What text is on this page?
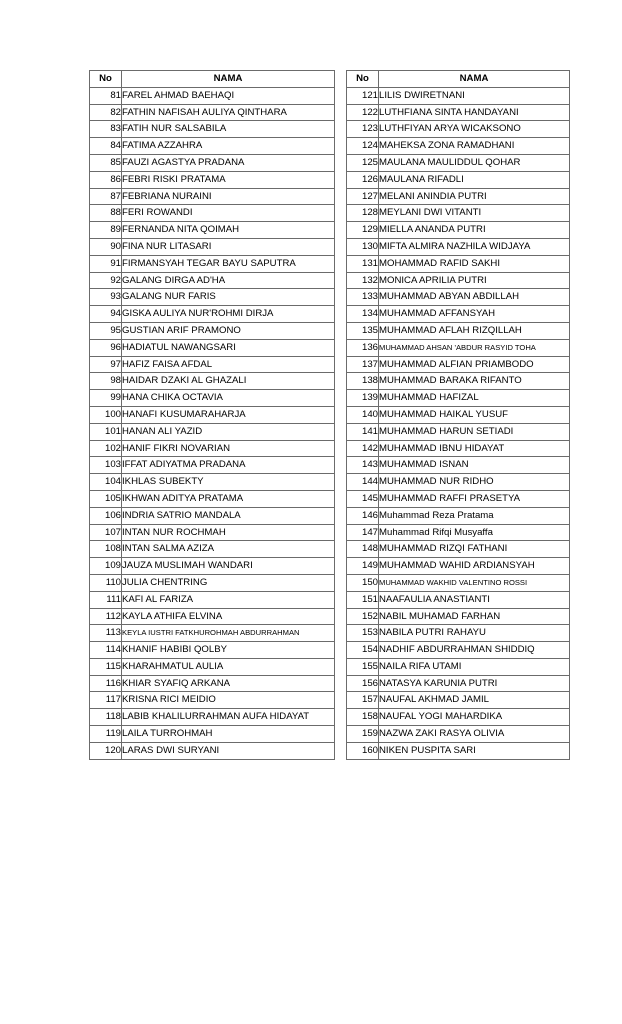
No	NAMA
81	FAREL AHMAD BAEHAQI
82	FATHIN NAFISAH AULIYA QINTHARA
83	FATIH NUR SALSABILA
84	FATIMA AZZAHRA
85	FAUZI AGASTYA PRADANA
86	FEBRI RISKI PRATAMA
87	FEBRIANA NURAINI
88	FERI ROWANDI
89	FERNANDA NITA QOIMAH
90	FINA NUR LITASARI
91	FIRMANSYAH TEGAR BAYU SAPUTRA
92	GALANG DIRGA AD'HA
93	GALANG NUR FARIS
94	GISKA AULIYA NUR'ROHMI DIRJA
95	GUSTIAN ARIF PRAMONO
96	HADIATUL NAWANGSARI
97	HAFIZ FAISA AFDAL
98	HAIDAR DZAKI AL GHAZALI
99	HANA CHIKA OCTAVIA
100	HANAFI KUSUMARAHARJA
101	HANAN ALI YAZID
102	HANIF FIKRI NOVARIAN
103	IFFAT ADIYATMA PRADANA
104	IKHLAS SUBEKTY
105	IKHWAN ADITYA PRATAMA
106	INDRIA SATRIO MANDALA
107	INTAN NUR ROCHMAH
108	INTAN SALMA AZIZA
109	JAUZA MUSLIMAH WANDARI
110	JULIA CHENTRING
111	KAFI AL FARIZA
112	KAYLA ATHIFA ELVINA
113	KEYLA IUSTRI FATKHUROHMAH ABDURRAHMAN
114	KHANIF HABIBI QOLBY
115	KHARAHMATUL AULIA
116	KHIAR SYAFIQ ARKANA
117	KRISNA RICI MEIDIO
118	LABIB KHALILURRAHMAN AUFA HIDAYAT
119	LAILA TURROHMAH
120	LARAS DWI SURYANI
No	NAMA
121	LILIS DWIRETNANI
122	LUTHFIANA SINTA HANDAYANI
123	LUTHFIYAN ARYA WICAKSONO
124	MAHEKSA ZONA RAMADHANI
125	MAULANA MAULIDDUL QOHAR
126	MAULANA RIFADLI
127	MELANI ANINDIA PUTRI
128	MEYLANI DWI VITANTI
129	MIELLA ANANDA PUTRI
130	MIFTA ALMIRA NAZHILA WIDJAYA
131	MOHAMMAD RAFID SAKHI
132	MONICA APRILIA PUTRI
133	MUHAMMAD ABYAN ABDILLAH
134	MUHAMMAD AFFANSYAH
135	MUHAMMAD AFLAH RIZQILLAH
136	MUHAMMAD AHSAN 'ABDUR RASYID TOHA
137	MUHAMMAD ALFIAN PRIAMBODO
138	MUHAMMAD BARAKA RIFANTO
139	MUHAMMAD HAFIZAL
140	MUHAMMAD HAIKAL YUSUF
141	MUHAMMAD HARUN SETIADI
142	MUHAMMAD IBNU HIDAYAT
143	MUHAMMAD ISNAN
144	MUHAMMAD NUR RIDHO
145	MUHAMMAD RAFFI PRASETYA
146	Muhammad Reza Pratama
147	Muhammad Rifqi Musyaffa
148	MUHAMMAD RIZQI FATHANI
149	MUHAMMAD WAHID ARDIANSYAH
150	MUHAMMAD WAKHID VALENTINO ROSSI
151	NAAFAULIA ANASTIANTI
152	NABIL MUHAMAD FARHAN
153	NABILA PUTRI RAHAYU
154	NADHIF ABDURRAHMAN SHIDDIQ
155	NAILA RIFA UTAMI
156	NATASYA KARUNIA PUTRI
157	NAUFAL AKHMAD JAMIL
158	NAUFAL YOGI MAHARDIKA
159	NAZWA ZAKI RASYA OLIVIA
160	NIKEN PUSPITA SARI
